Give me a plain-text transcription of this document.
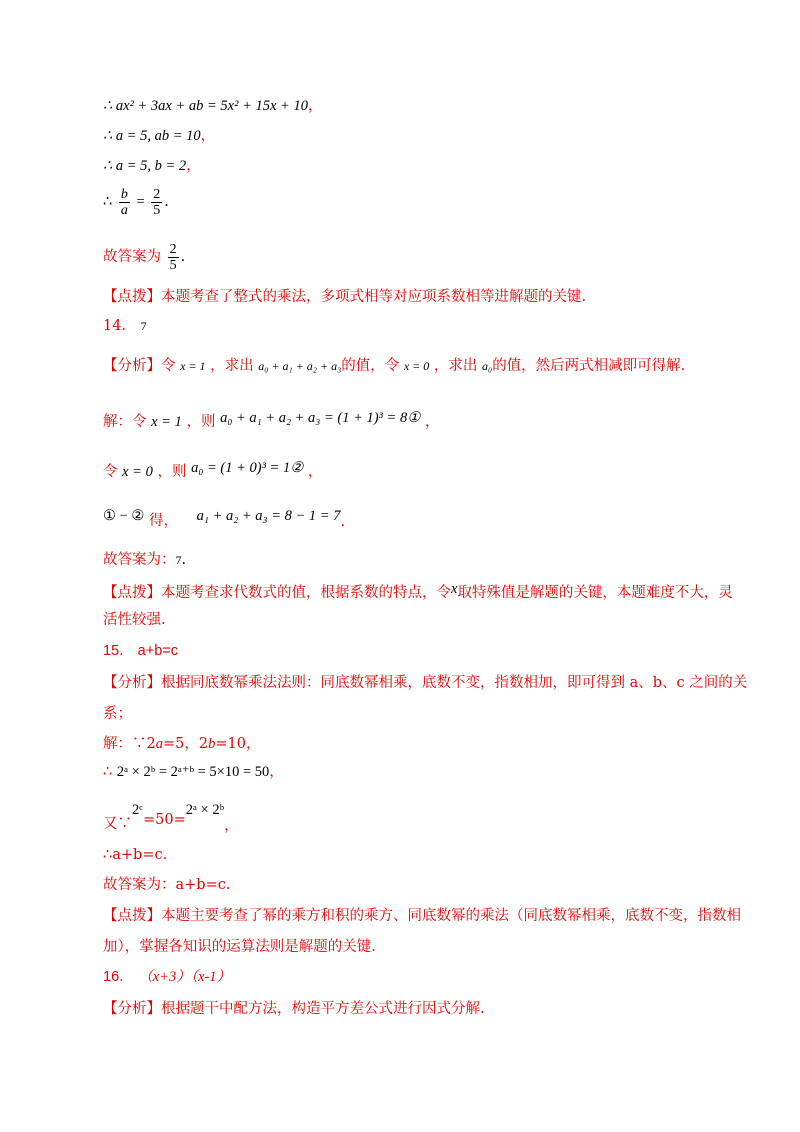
∴ ax² + 3ax + ab = 5x² + 15x + 10，
∴ a = 5, ab = 10，
∴ a = 5, b = 2，
∴ $\frac{b}{a} = \frac{2}{5}$ .
故答案为 $\frac{2}{5}$ .
【点拨】本题考查了整式的乘法，多项式相等对应项系数相等进解题的关键.
14． $^7$
【分析】令 $^{x = 1}$ ，求出 $^{a_0 + a_1 + a_2 + a_3}$的值，令 $^{x = 0}$ ，求出 $^{a_0}$的值，然后两式相减即可得解.
解：令 x = 1 ，则 a₀ + a₁ + a₂ + a₃ = (1 + 1)³ = 8① ，
令 x = 0 ，则 a₀ = (1 + 0)³ = 1② ，
① − ② 得， a₁ + a₂ + a₃ = 8 − 1 = 7.
故答案为：$^7$.
【点拨】本题考查求代数式的值，根据系数的特点，令x取特殊值是解题的关键，本题难度不大，灵
活性较强.
15． a+b=c
【分析】根据同底数幂乘法法则：同底数幂相乘，底数不变，指数相加，即可得到 a、b、c 之间的关
系；
解：∵2a=5，2b=10，
∴ 2ᵃ × 2ᵇ = 2ᵃ⁺ᵇ = 5×10 = 50，
又∵2ᶜ=50=2ᵃ × 2ᵇ，
∴a+b=c.
故答案为：a+b=c.
【点拨】本题主要考查了幂的乘方和积的乘方、同底数幂的乘法（同底数幂相乘，底数不变，指数相
加），掌握各知识的运算法则是解题的关键.
16． （x+3）（x-1）
【分析】根据题干中配方法，构造平方差公式进行因式分解.
